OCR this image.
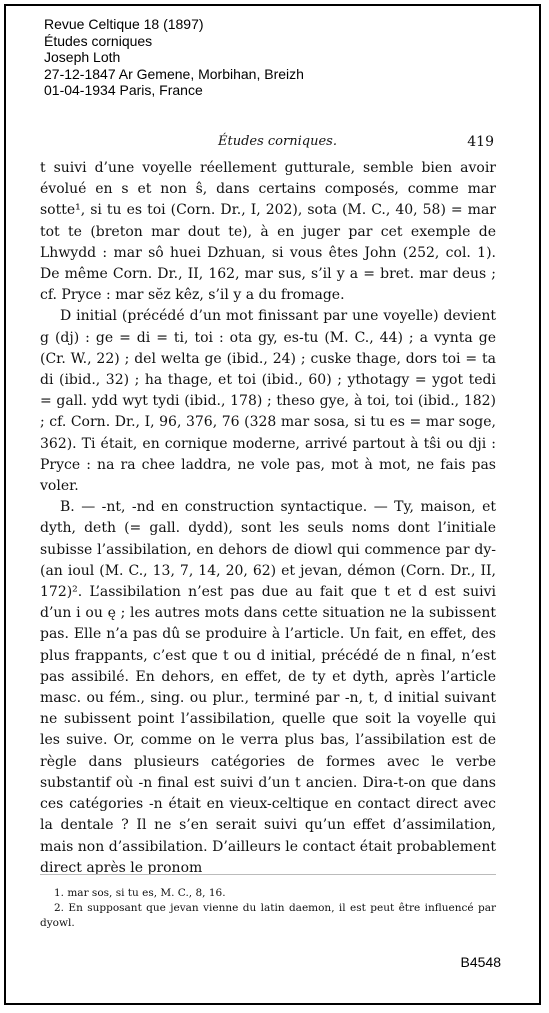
Revue Celtique 18 (1897)
Études corniques
Joseph Loth
27-12-1847 Ar Gemene, Morbihan, Breizh
01-04-1934 Paris, France
Études corniques.	419

t suivi d’une voyelle réellement gutturale, semble bien avoir évolué en s et non ŝ, dans certains composés, comme mar sotte¹, si tu es toi (Corn. Dr., I, 202), sota (M. C., 40, 58) = mar tot te (breton mar dout te), à en juger par cet exemple de Lhwydd : mar sô huei Dzhuan, si vous êtes John (252, col. 1). De même Corn. Dr., II, 162, mar sus, s’il y a = bret. mar deus ; cf. Pryce : mar sĕz kêz, s’il y a du fromage.

D initial (précédé d’un mot finissant par une voyelle) devient g (dj) : ge = di = ti, toi : ota gy, es-tu (M. C., 44) ; a vynta ge (Cr. W., 22) ; del welta ge (ibid., 24) ; cuske thage, dors toi = ta di (ibid., 32) ; ha thage, et toi (ibid., 60) ; ythotagy = ygot tedi = gall. ydd wyt tydi (ibid., 178) ; theso gye, à toi, toi (ibid., 182) ; cf. Corn. Dr., I, 96, 376, 76 (328 mar sosa, si tu es = mar soge, 362). Ti était, en cornique moderne, arrivé partout à tŝi ou dji : Pryce : na ra chee laddra, ne vole pas, mot à mot, ne fais pas voler.

B. — -nt, -nd en construction syntactique. — Ty, maison, et dyth, deth (= gall. dydd), sont les seuls noms dont l’initiale subisse l’assibilation, en dehors de diowl qui commence par dy- (an ioul (M. C., 13, 7, 14, 20, 62) et jevan, démon (Corn. Dr., II, 172)². L’assibilation n’est pas due au fait que t et d est suivi d’un i ou ę ; les autres mots dans cette situation ne la subissent pas. Elle n’a pas dû se produire à l’article. Un fait, en effet, des plus frappants, c’est que t ou d initial, précédé de n final, n’est pas assibilé. En dehors, en effet, de ty et dyth, après l’article masc. ou fém., sing. ou plur., terminé par -n, t, d initial suivant ne subissent point l’assibilation, quelle que soit la voyelle qui les suive. Or, comme on le verra plus bas, l’assibilation est de règle dans plusieurs catégories de formes avec le verbe substantif où -n final est suivi d’un t ancien. Dira-t-on que dans ces catégories -n était en vieux-celtique en contact direct avec la dentale ? Il ne s’en serait suivi qu’un effet d’assimilation, mais non d’assibilation. D’ailleurs le contact était probablement direct après le pronom

1. mar sos, si tu es, M. C., 8, 16.

2. En supposant que jevan vienne du latin daemon, il est peut être influencé par dyowl.

B4548
